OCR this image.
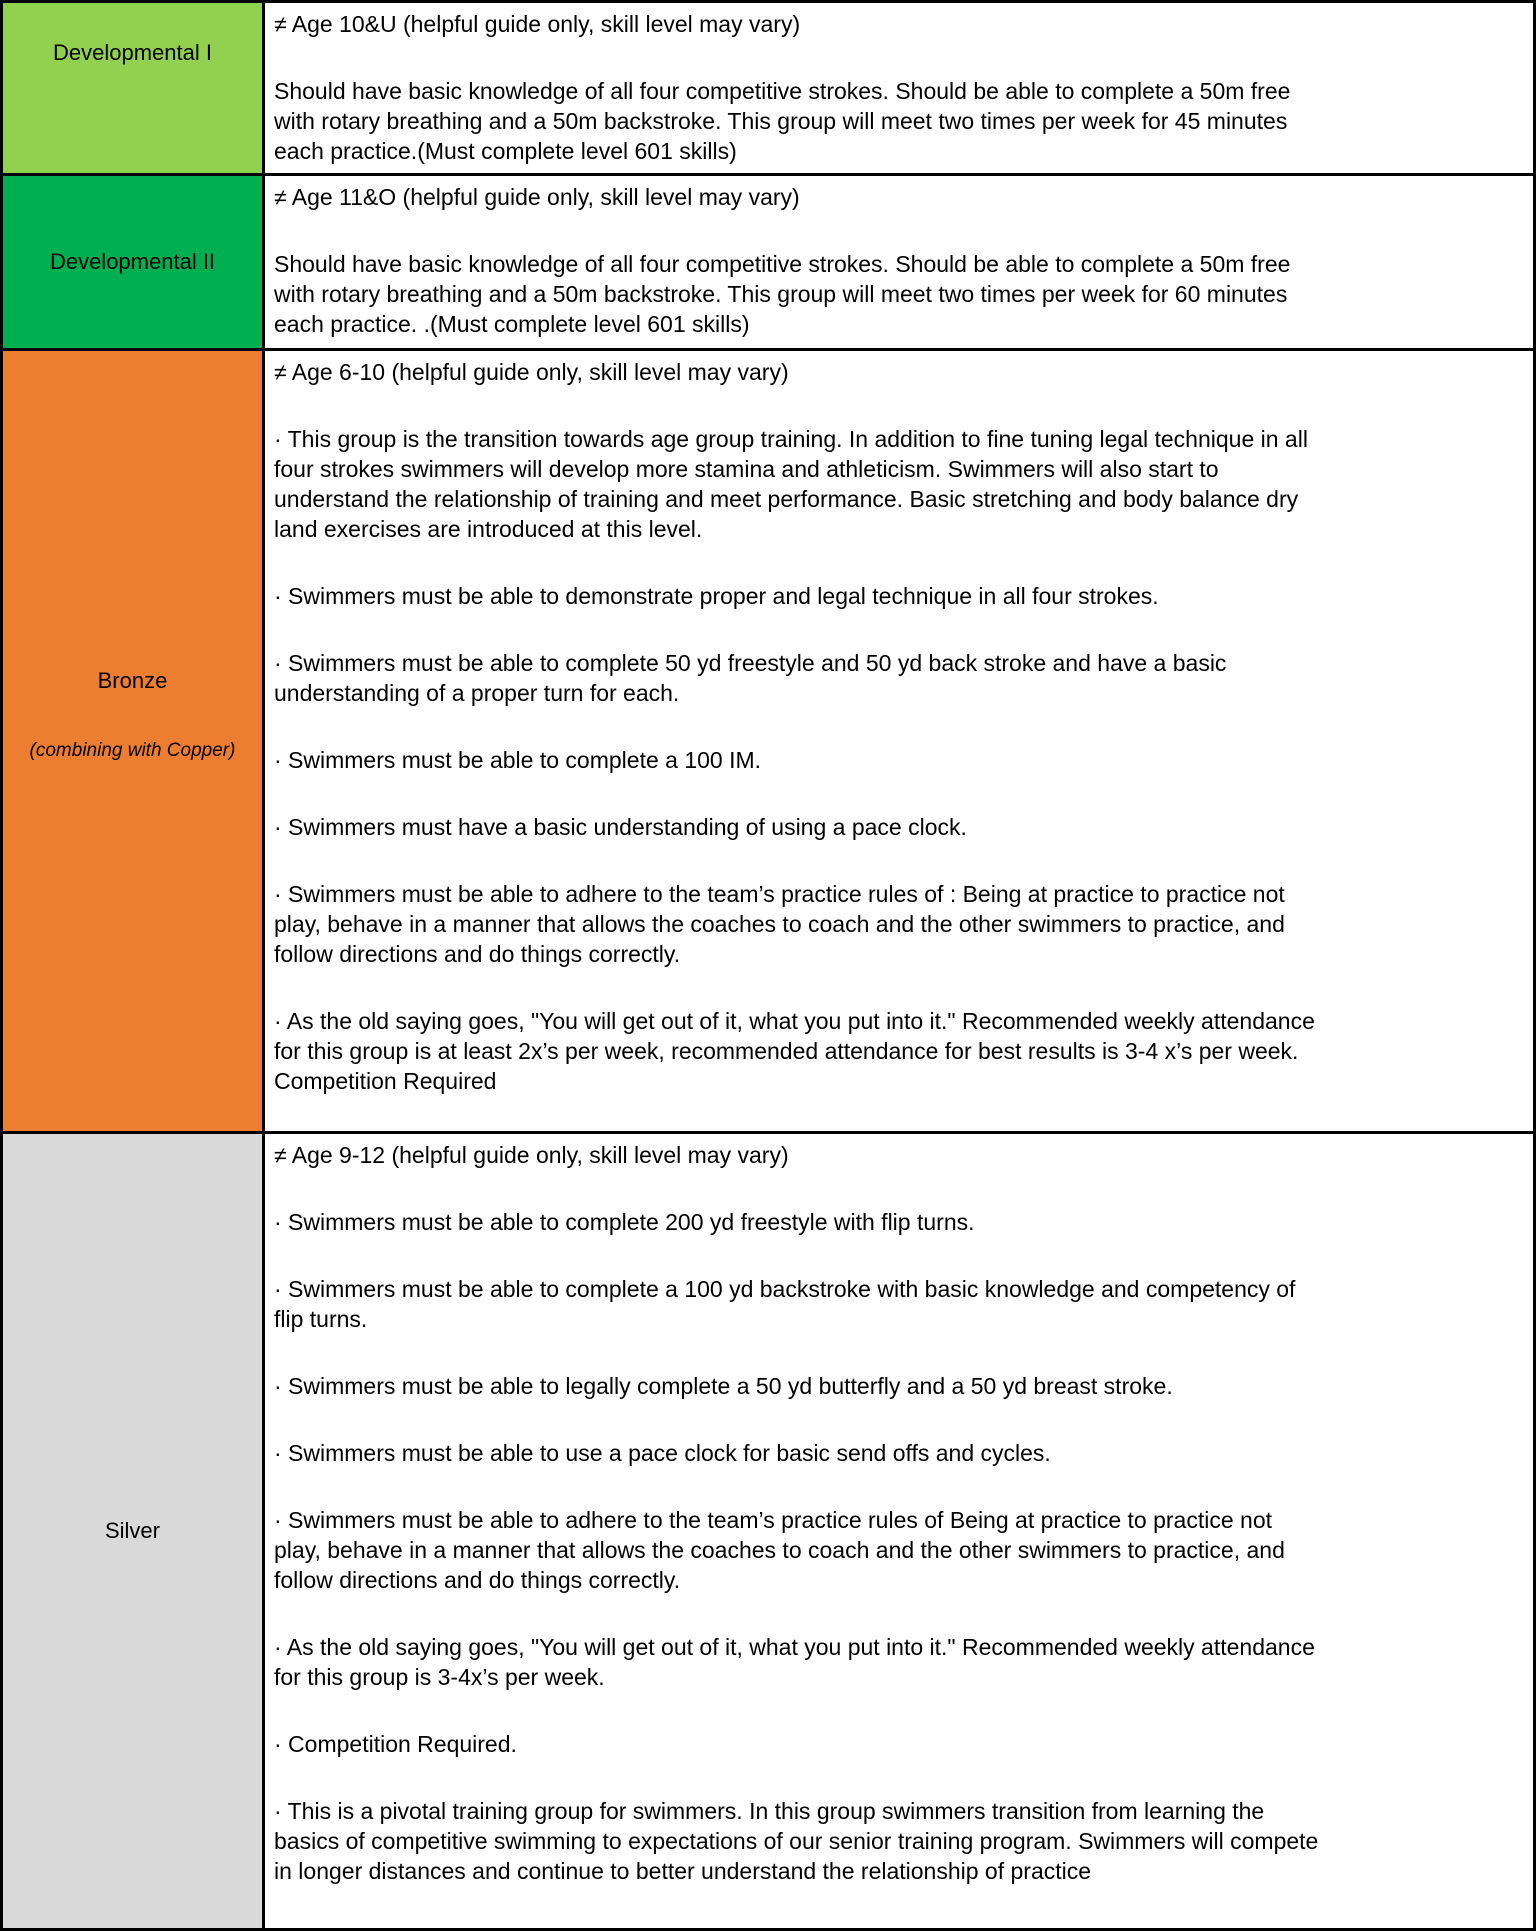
Developmental I
≠ Age 10&U (helpful guide only, skill level may vary)
Should have basic knowledge of all four competitive strokes. Should be able to complete a 50m free with rotary breathing and a 50m backstroke. This group will meet two times per week for 45 minutes each practice.(Must complete level 601 skills)
Developmental II
≠ Age 11&O (helpful guide only, skill level may vary)
Should have basic knowledge of all four competitive strokes. Should be able to complete a 50m free with rotary breathing and a 50m backstroke. This group will meet two times per week for 60 minutes each practice. .(Must complete level 601 skills)
Bronze
(combining with Copper)
≠ Age 6-10 (helpful guide only, skill level may vary)
· This group is the transition towards age group training. In addition to fine tuning legal technique in all four strokes swimmers will develop more stamina and athleticism. Swimmers will also start to understand the relationship of training and meet performance. Basic stretching and body balance dry land exercises are introduced at this level.
· Swimmers must be able to demonstrate proper and legal technique in all four strokes.
· Swimmers must be able to complete 50 yd freestyle and 50 yd back stroke and have a basic understanding of a proper turn for each.
· Swimmers must be able to complete a 100 IM.
· Swimmers must have a basic understanding of using a pace clock.
· Swimmers must be able to adhere to the team’s practice rules of : Being at practice to practice not play, behave in a manner that allows the coaches to coach and the other swimmers to practice, and follow directions and do things correctly.
· As the old saying goes, "You will get out of it, what you put into it." Recommended weekly attendance for this group is at least 2x’s per week, recommended attendance for best results is 3-4 x’s per week. Competition Required
Silver
≠ Age 9-12 (helpful guide only, skill level may vary)
· Swimmers must be able to complete 200 yd freestyle with flip turns.
· Swimmers must be able to complete a 100 yd backstroke with basic knowledge and competency of flip turns.
· Swimmers must be able to legally complete a 50 yd butterfly and a 50 yd breast stroke.
· Swimmers must be able to use a pace clock for basic send offs and cycles.
· Swimmers must be able to adhere to the team’s practice rules of Being at practice to practice not play, behave in a manner that allows the coaches to coach and the other swimmers to practice, and follow directions and do things correctly.
· As the old saying goes, "You will get out of it, what you put into it." Recommended weekly attendance for this group is 3-4x’s per week.
· Competition Required.
· This is a pivotal training group for swimmers. In this group swimmers transition from learning the basics of competitive swimming to expectations of our senior training program. Swimmers will compete in longer distances and continue to better understand the relationship of practice
